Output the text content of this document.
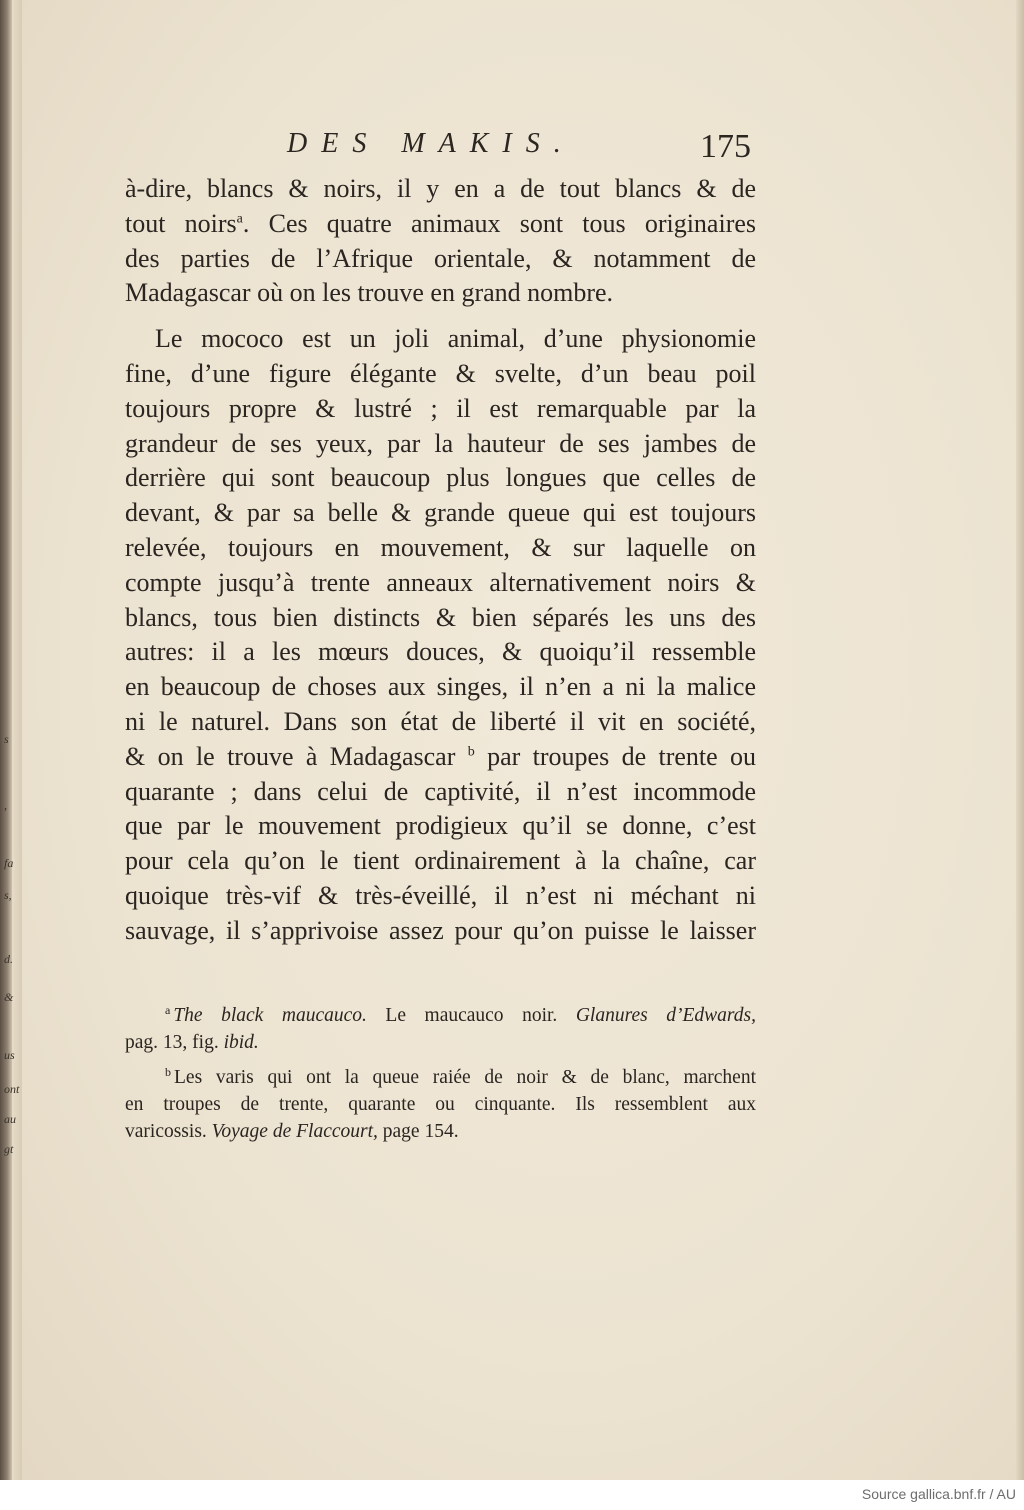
s
,
fa
s,
d.
&
us
ont
au
gt
DES MAKIS.	175
à-dire, blancs & noirs, il y en a de tout blancs & de
tout noirs$^a$. Ces quatre animaux sont tous originaires
des parties de l’Afrique orientale, & notamment de
Madagascar où on les trouve en grand nombre.
Le mococo est un joli animal, d’une physionomie
fine, d’une figure élégante & svelte, d’un beau poil
toujours propre & lustré ; il est remarquable par la
grandeur de ses yeux, par la hauteur de ses jambes de
derrière qui sont beaucoup plus longues que celles de
devant, & par sa belle & grande queue qui est toujours
relevée, toujours en mouvement, & sur laquelle on
compte jusqu’à trente anneaux alternativement noirs &
blancs, tous bien distincts & bien séparés les uns des
autres: il a les mœurs douces, & quoiqu’il ressemble
en beaucoup de choses aux singes, il n’en a ni la malice
ni le naturel. Dans son état de liberté il vit en société,
& on le trouve à Madagascar $^b$ par troupes de trente ou
quarante ; dans celui de captivité, il n’est incommode
que par le mouvement prodigieux qu’il se donne, c’est
pour cela qu’on le tient ordinairement à la chaîne, car
quoique très-vif & très-éveillé, il n’est ni méchant ni
sauvage, il s’apprivoise assez pour qu’on puisse le laisser
$^a$ The black maucauco. Le maucauco noir. Glanures d’Edwards,
pag. 13, fig. ibid.
$^b$ Les varis qui ont la queue raiée de noir & de blanc, marchent
en troupes de trente, quarante ou cinquante. Ils ressemblent aux
varicossis. Voyage de Flaccourt, page 154.
Source gallica.bnf.fr / AU
